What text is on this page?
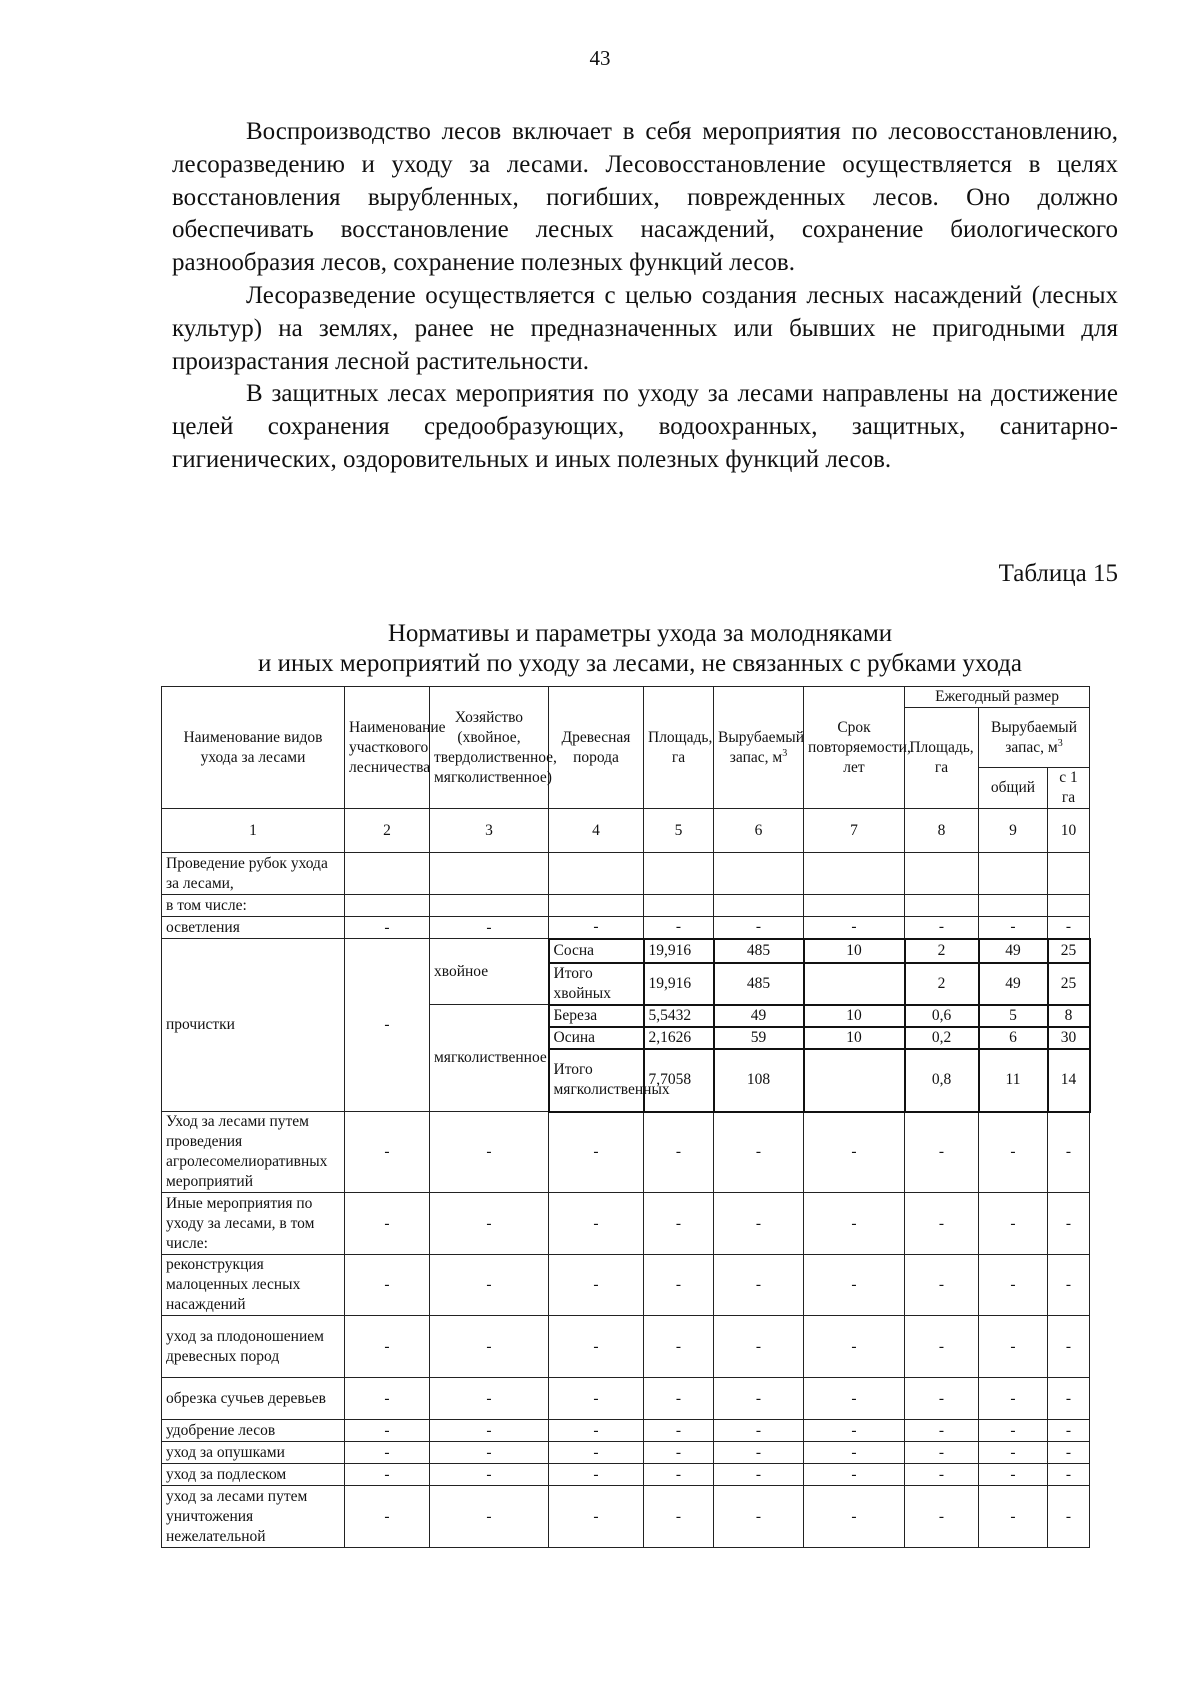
43

Воспроизводство лесов включает в себя мероприятия по лесовосстановлению, лесоразведению и уходу за лесами. Лесовосстановление осуществляется в целях восстановления вырубленных, погибших, поврежденных лесов. Оно должно обеспечивать восстановление лесных насаждений, сохранение биологического разнообразия лесов, сохранение полезных функций лесов.

Лесоразведение осуществляется с целью создания лесных насаждений (лесных культур) на землях, ранее не предназначенных или бывших не пригодными для произрастания лесной растительности.

В защитных лесах мероприятия по уходу за лесами направлены на достижение целей сохранения средообразующих, водоохранных, защитных, санитарно-гигиенических, оздоровительных и иных полезных функций лесов.

Таблица 15
Нормативы и параметры ухода за молодняками
и иных мероприятий по уходу за лесами, не связанных с рубками ухода
Наименование видов ухода за лесами	Наименование участкового лесничества	Хозяйство (хвойное, твердолиственное, мягколиственное)	Древесная порода	Площадь, га	Вырубаемый запас, $м^3$	Срок повторяемости, лет	Ежегодный размер		
							Площадь, га	Вырубаемый запас, $м^3$
								общий	с 1 га
1	2	3	4	5	6	7	8	9	10
Проведение рубок ухода за лесами,									
в том числе:									
осветления	-	-	-	-	-	-	-	-	-
прочистки	-	хвойное	Сосна	19,916	485	10	2	49	25
			Итого хвойных	19,916	485		2	49	25
		мягколиственное	Береза	5,5432	49	10	0,6	5	8
			Осина	2,1626	59	10	0,2	6	30
			Итого мягколиственных	7,7058	108		0,8	11	14
Уход за лесами путем проведения агролесомелиоративных мероприятий	-	-	-	-	-	-	-	-	-
Иные мероприятия по уходу за лесами, в том числе:	-	-	-	-	-	-	-	-	-
реконструкция малоценных лесных насаждений	-	-	-	-	-	-	-	-	-
уход за плодоношением древесных пород	-	-	-	-	-	-	-	-	-
обрезка сучьев деревьев	-	-	-	-	-	-	-	-	-
удобрение лесов	-	-	-	-	-	-	-	-	-
уход за опушками	-	-	-	-	-	-	-	-	-
уход за подлеском	-	-	-	-	-	-	-	-	-
уход за лесами путем уничтожения нежелательной	-	-	-	-	-	-	-	-	-
